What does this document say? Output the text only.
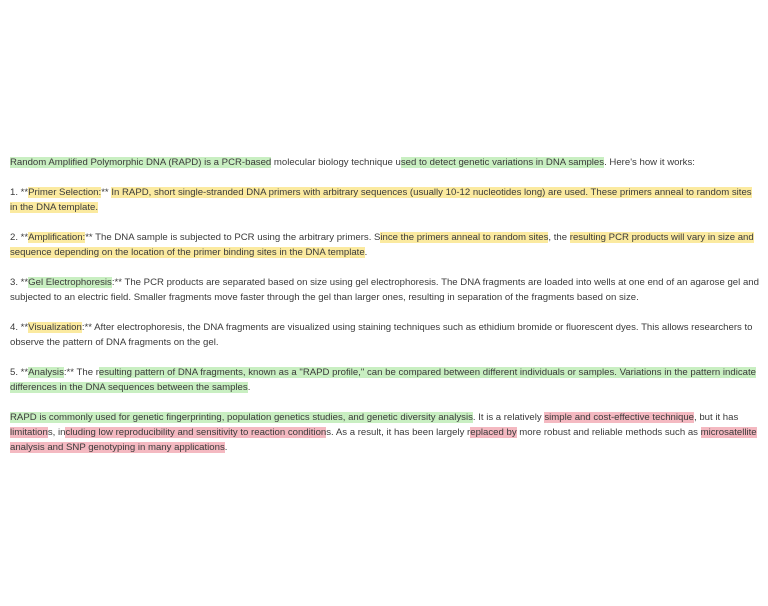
Random Amplified Polymorphic DNA (RAPD) is a PCR-based molecular biology technique used to detect genetic variations in DNA samples. Here's how it works:

1. **Primer Selection:** In RAPD, short single-stranded DNA primers with arbitrary sequences (usually 10-12 nucleotides long) are used. These primers anneal to random sites in the DNA template.

2. **Amplification:** The DNA sample is subjected to PCR using the arbitrary primers. Since the primers anneal to random sites, the resulting PCR products will vary in size and sequence depending on the location of the primer binding sites in the DNA template.

3. **Gel Electrophoresis:** The PCR products are separated based on size using gel electrophoresis. The DNA fragments are loaded into wells at one end of an agarose gel and subjected to an electric field. Smaller fragments move faster through the gel than larger ones, resulting in separation of the fragments based on size.

4. **Visualization:** After electrophoresis, the DNA fragments are visualized using staining techniques such as ethidium bromide or fluorescent dyes. This allows researchers to observe the pattern of DNA fragments on the gel.

5. **Analysis:** The resulting pattern of DNA fragments, known as a "RAPD profile," can be compared between different individuals or samples. Variations in the pattern indicate differences in the DNA sequences between the samples.

RAPD is commonly used for genetic fingerprinting, population genetics studies, and genetic diversity analysis. It is a relatively simple and cost-effective technique, but it has limitations, including low reproducibility and sensitivity to reaction conditions. As a result, it has been largely replaced by more robust and reliable methods such as microsatellite analysis and SNP genotyping in many applications.
